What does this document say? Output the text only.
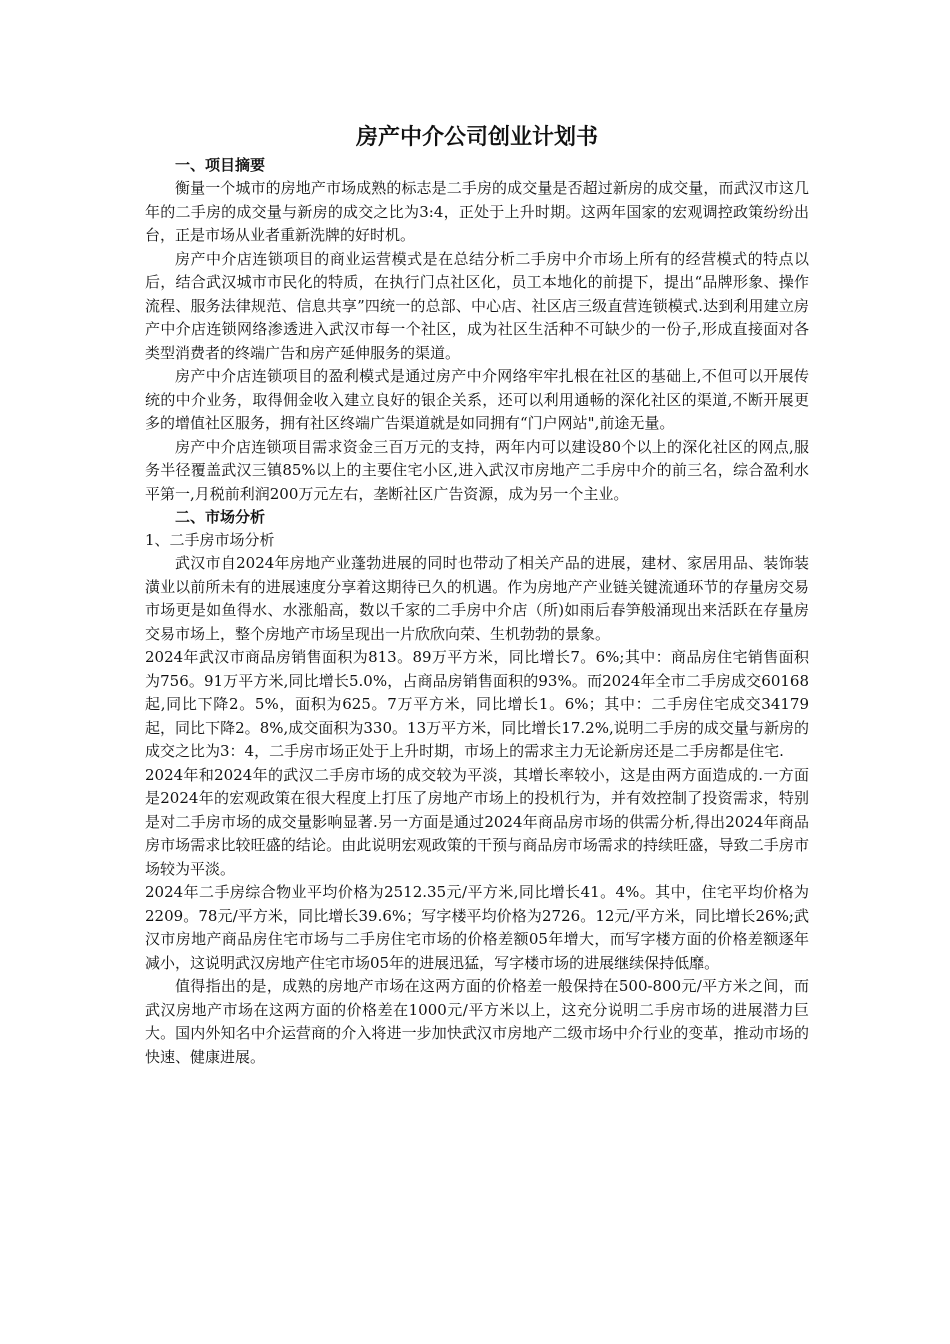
房产中介公司创业计划书
一、项目摘要

衡量一个城市的房地产市场成熟的标志是二手房的成交量是否超过新房的成交量，而武汉市这几年的二手房的成交量与新房的成交之比为3:4，正处于上升时期。这两年国家的宏观调控政策纷纷出台，正是市场从业者重新洗牌的好时机。

房产中介店连锁项目的商业运营模式是在总结分析二手房中介市场上所有的经营模式的特点以后，结合武汉城市市民化的特质，在执行门点社区化，员工本地化的前提下，提出“品牌形象、操作流程、服务法律规范、信息共享”四统一的总部、中心店、社区店三级直营连锁模式.达到利用建立房产中介店连锁网络渗透进入武汉市每一个社区，成为社区生活种不可缺少的一份子,形成直接面对各类型消费者的终端广告和房产延伸服务的渠道。

房产中介店连锁项目的盈利模式是通过房产中介网络牢牢扎根在社区的基础上,不但可以开展传统的中介业务，取得佣金收入建立良好的银企关系，还可以利用通畅的深化社区的渠道,不断开展更多的增值社区服务，拥有社区终端广告渠道就是如同拥有“门户网站",前途无量。

房产中介店连锁项目需求资金三百万元的支持，两年内可以建设80个以上的深化社区的网点,服务半径覆盖武汉三镇85%以上的主要住宅小区,进入武汉市房地产二手房中介的前三名，综合盈利水平第一,月税前利润200万元左右，垄断社区广告资源，成为另一个主业。

二、市场分析
1、二手房市场分析

武汉市自2024年房地产业蓬勃进展的同时也带动了相关产品的进展，建材、家居用品、装饰装潢业以前所未有的进展速度分享着这期待已久的机遇。作为房地产产业链关键流通环节的存量房交易市场更是如鱼得水、水涨船高，数以千家的二手房中介店（所)如雨后春笋般涌现出来活跃在存量房交易市场上，整个房地产市场呈现出一片欣欣向荣、生机勃勃的景象。

2024年武汉市商品房销售面积为813。89万平方米，同比增长7。6%;其中：商品房住宅销售面积为756。91万平方米,同比增长5.0%，占商品房销售面积的93%。而2024年全市二手房成交60168起,同比下降2。5%，面积为625。7万平方米，同比增长1。6%；其中：二手房住宅成交34179起，同比下降2。8%,成交面积为330。13万平方米，同比增长17.2%,说明二手房的成交量与新房的成交之比为3：4，二手房市场正处于上升时期，市场上的需求主力无论新房还是二手房都是住宅.

2024年和2024年的武汉二手房市场的成交较为平淡，其增长率较小，这是由两方面造成的.一方面是2024年的宏观政策在很大程度上打压了房地产市场上的投机行为，并有效控制了投资需求，特别是对二手房市场的成交量影响显著.另一方面是通过2024年商品房市场的供需分析,得出2024年商品房市场需求比较旺盛的结论。由此说明宏观政策的干预与商品房市场需求的持续旺盛，导致二手房市场较为平淡。

2024年二手房综合物业平均价格为2512.35元/平方米,同比增长41。4%。其中，住宅平均价格为2209。78元/平方米，同比增长39.6%；写字楼平均价格为2726。12元/平方米，同比增长26%;武汉市房地产商品房住宅市场与二手房住宅市场的价格差额05年增大，而写字楼方面的价格差额逐年减小，这说明武汉房地产住宅市场05年的进展迅猛，写字楼市场的进展继续保持低靡。

值得指出的是，成熟的房地产市场在这两方面的价格差一般保持在500-800元/平方米之间，而武汉房地产市场在这两方面的价格差在1000元/平方米以上，这充分说明二手房市场的进展潜力巨大。国内外知名中介运营商的介入将进一步加快武汉市房地产二级市场中介行业的变革，推动市场的快速、健康进展。
